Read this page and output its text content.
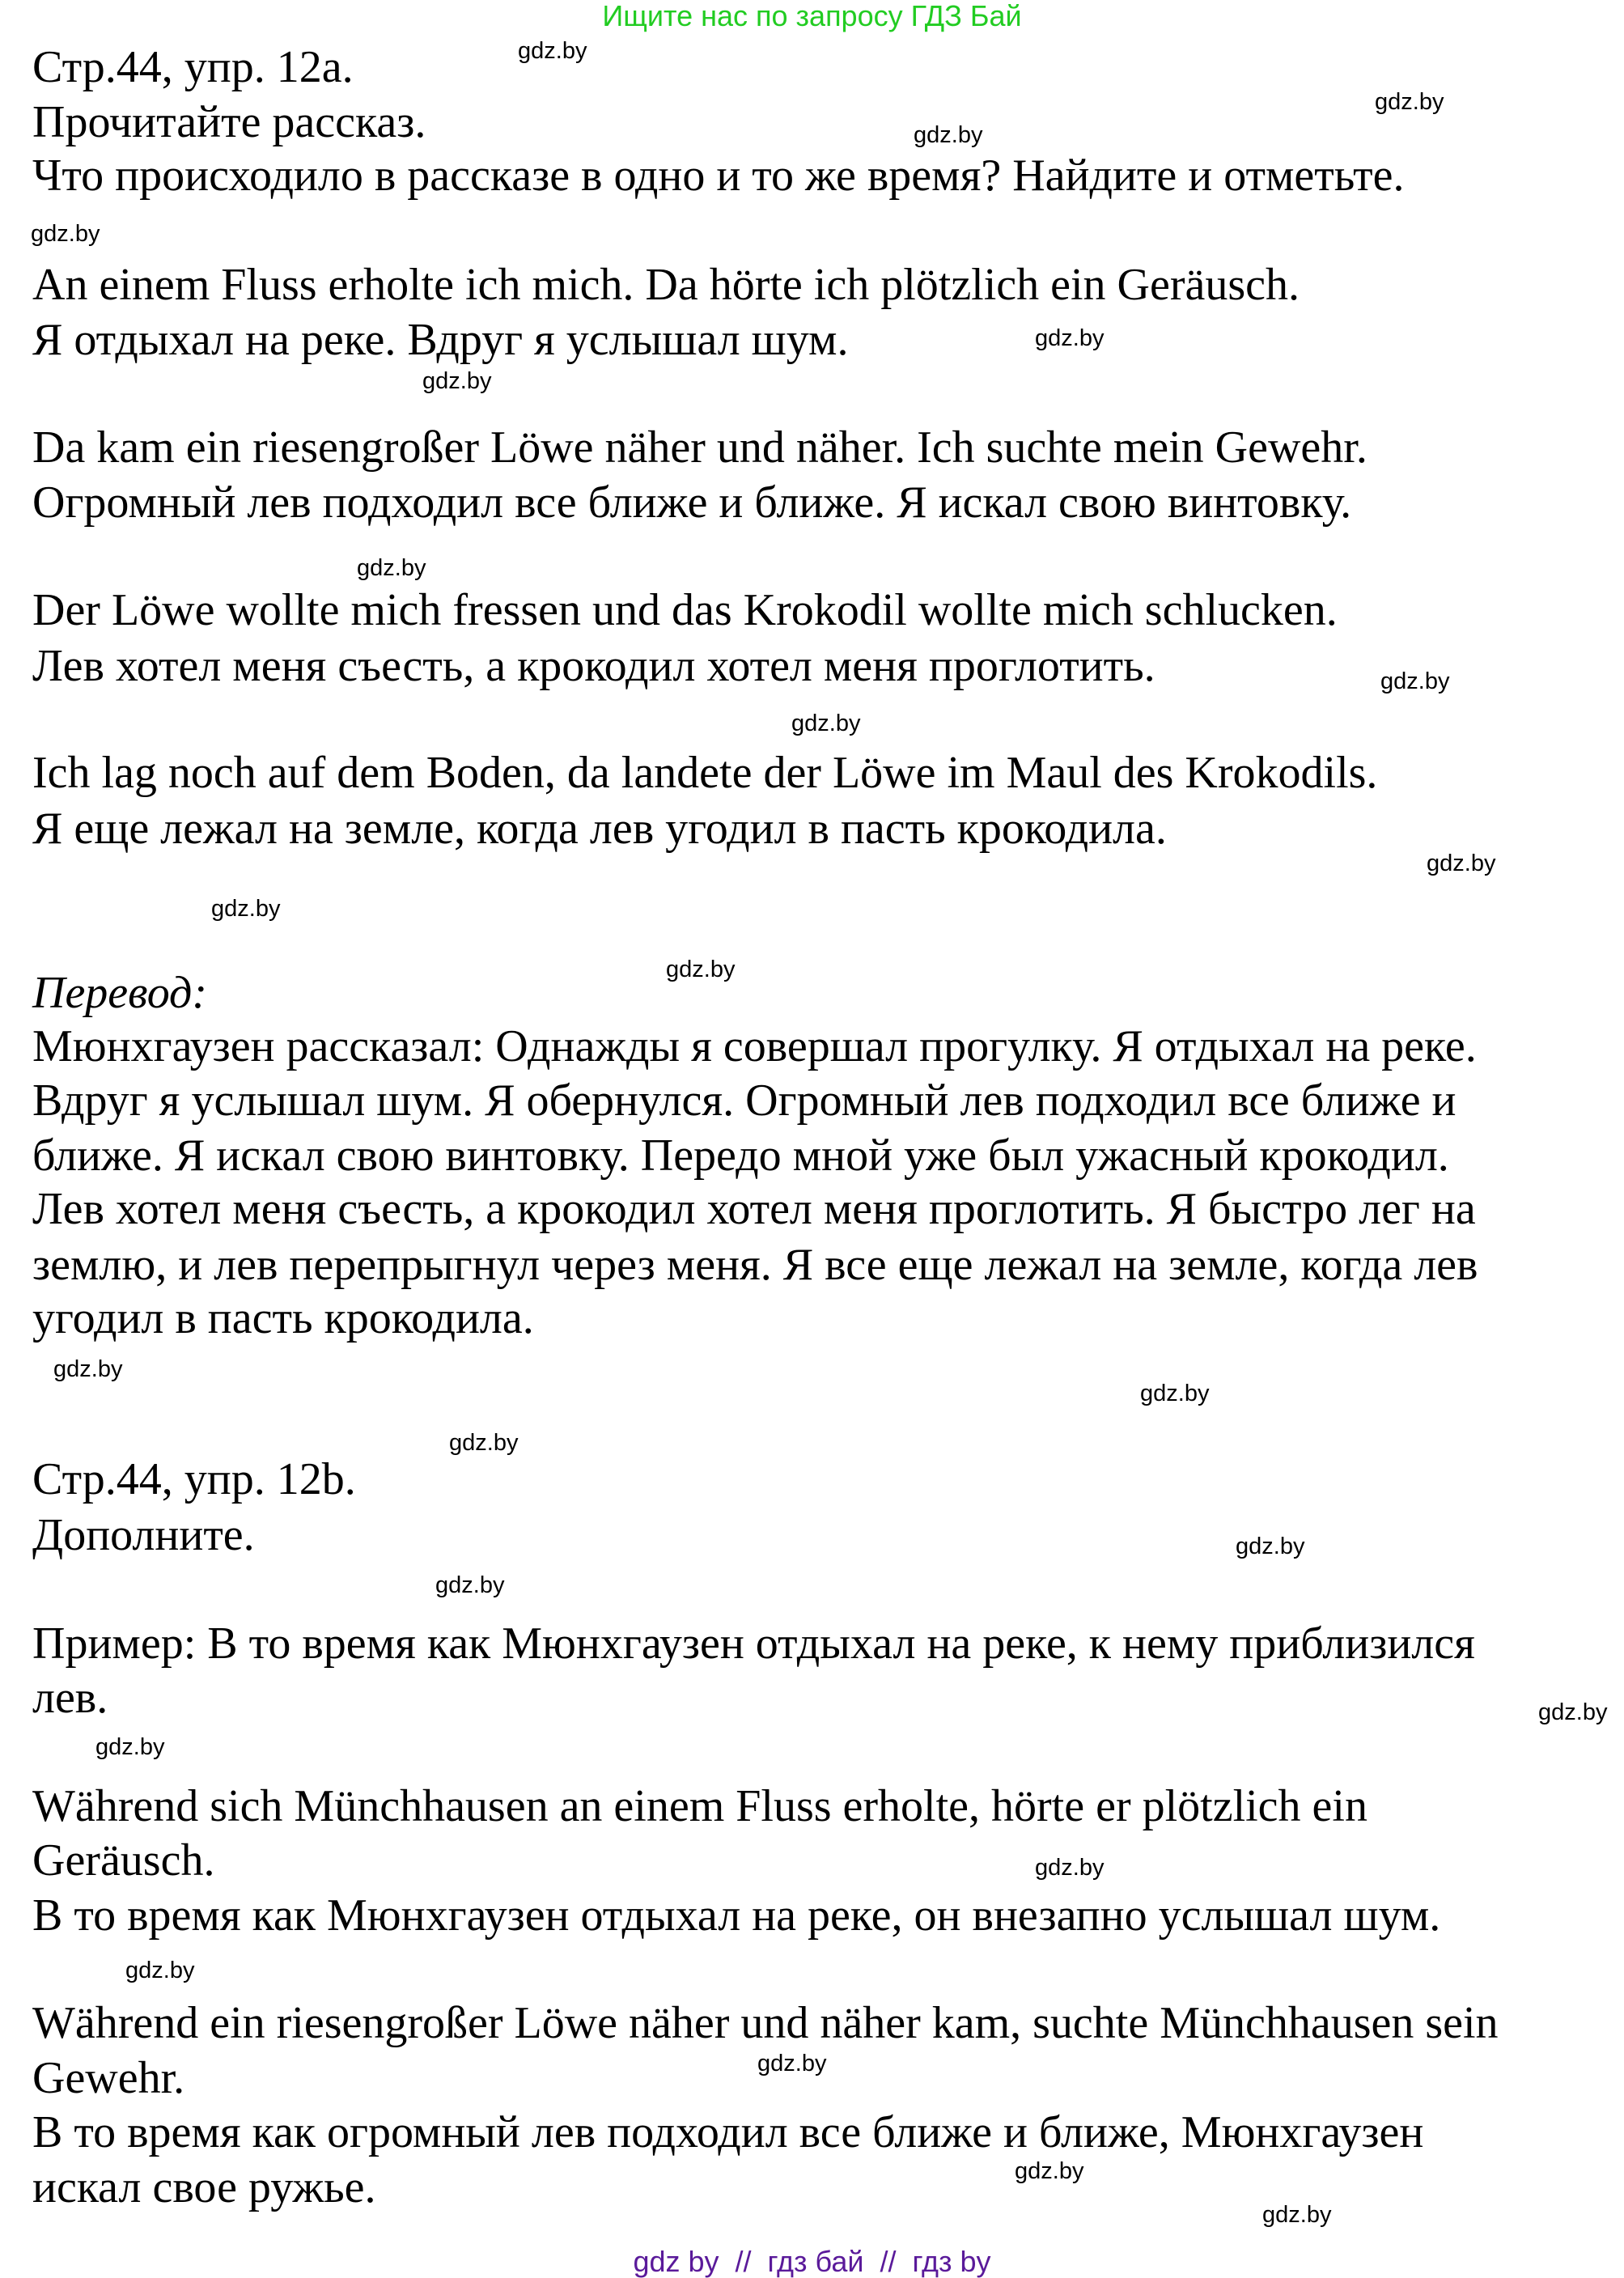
Ищите нас по запросу ГДЗ Бай
Стр.44, упр. 12a.
Прочитайте рассказ.
Что происходило в рассказе в одно и то же время? Найдите и отметьте.
An einem Fluss erholte ich mich. Da hörte ich plötzlich ein Geräusch.
Я отдыхал на реке. Вдруг я услышал шум.
Da kam ein riesengroßer Löwe näher und näher. Ich suchte mein Gewehr.
Огромный лев подходил все ближе и ближе. Я искал свою винтовку.
Der Löwe wollte mich fressen und das Krokodil wollte mich schlucken.
Лев хотел меня съесть, а крокодил хотел меня проглотить.
Ich lag noch auf dem Boden, da landete der Löwe im Maul des Krokodils.
Я еще лежал на земле, когда лев угодил в пасть крокодила.
Перевод:
Мюнхгаузен рассказал: Однажды я совершал прогулку. Я отдыхал на реке.
Вдруг я услышал шум. Я обернулся. Огромный лев подходил все ближе и
ближе. Я искал свою винтовку. Передо мной уже был ужасный крокодил.
Лев хотел меня съесть, а крокодил хотел меня проглотить. Я быстро лег на
землю, и лев перепрыгнул через меня. Я все еще лежал на земле, когда лев
угодил в пасть крокодила.
Стр.44, упр. 12b.
Дополните.
Пример: В то время как Мюнхгаузен отдыхал на реке, к нему приблизился
лев.
Während sich Münchhausen an einem Fluss erholte, hörte er plötzlich ein
Geräusch.
В то время как Мюнхгаузен отдыхал на реке, он внезапно услышал шум.
Während ein riesengroßer Löwe näher und näher kam, suchte Münchhausen sein
Gewehr.
В то время как огромный лев подходил все ближе и ближе, Мюнхгаузен
искал свое ружье.
gdz.by
gdz.by
gdz.by
gdz.by
gdz.by
gdz.by
gdz.by
gdz.by
gdz.by
gdz.by
gdz.by
gdz.by
gdz.by
gdz.by
gdz.by
gdz.by
gdz.by
gdz.by
gdz.by
gdz.by
gdz.by
gdz.by
gdz.by
gdz.by
gdz by  //  гдз бай  //  гдз by
